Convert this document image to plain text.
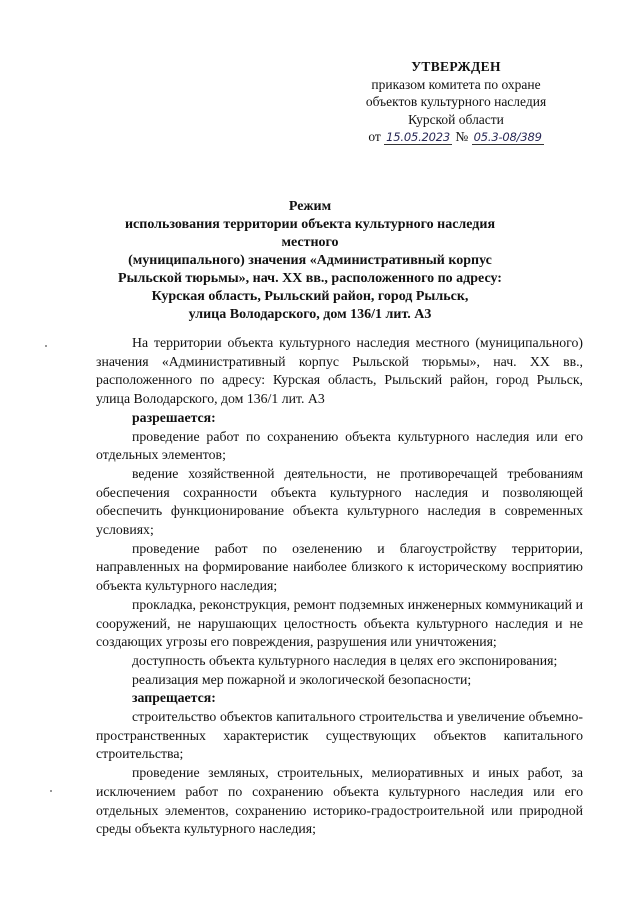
УТВЕРЖДЕН
приказом комитета по охране
объектов культурного наследия
Курской области
от 15.05.2023 № 05.3-08/389
Режим
использования территории объекта культурного наследия местного
(муниципального) значения «Административный корпус
Рыльской тюрьмы», нач. XX вв., расположенного по адресу:
Курская область, Рыльский район, город Рыльск,
улица Володарского, дом 136/1 лит. А3

На территории объекта культурного наследия местного (муниципального) значения «Административный корпус Рыльской тюрьмы», нач. XX вв., расположенного по адресу: Курская область, Рыльский район, город Рыльск, улица Володарского, дом 136/1 лит. А3

разрешается:

проведение работ по сохранению объекта культурного наследия или его отдельных элементов;

ведение хозяйственной деятельности, не противоречащей требованиям обеспечения сохранности объекта культурного наследия и позволяющей обеспечить функционирование объекта культурного наследия в современных условиях;

проведение работ по озеленению и благоустройству территории, направленных на формирование наиболее близкого к историческому восприятию объекта культурного наследия;

прокладка, реконструкция, ремонт подземных инженерных коммуникаций и сооружений, не нарушающих целостность объекта культурного наследия и не создающих угрозы его повреждения, разрушения или уничтожения;

доступность объекта культурного наследия в целях его экспонирования;

реализация мер пожарной и экологической безопасности;

запрещается:

строительство объектов капитального строительства и увеличение объемно-пространственных характеристик существующих объектов капитального строительства;

проведение земляных, строительных, мелиоративных и иных работ, за исключением работ по сохранению объекта культурного наследия или его отдельных элементов, сохранению историко-градостроительной или природной среды объекта культурного наследия;
